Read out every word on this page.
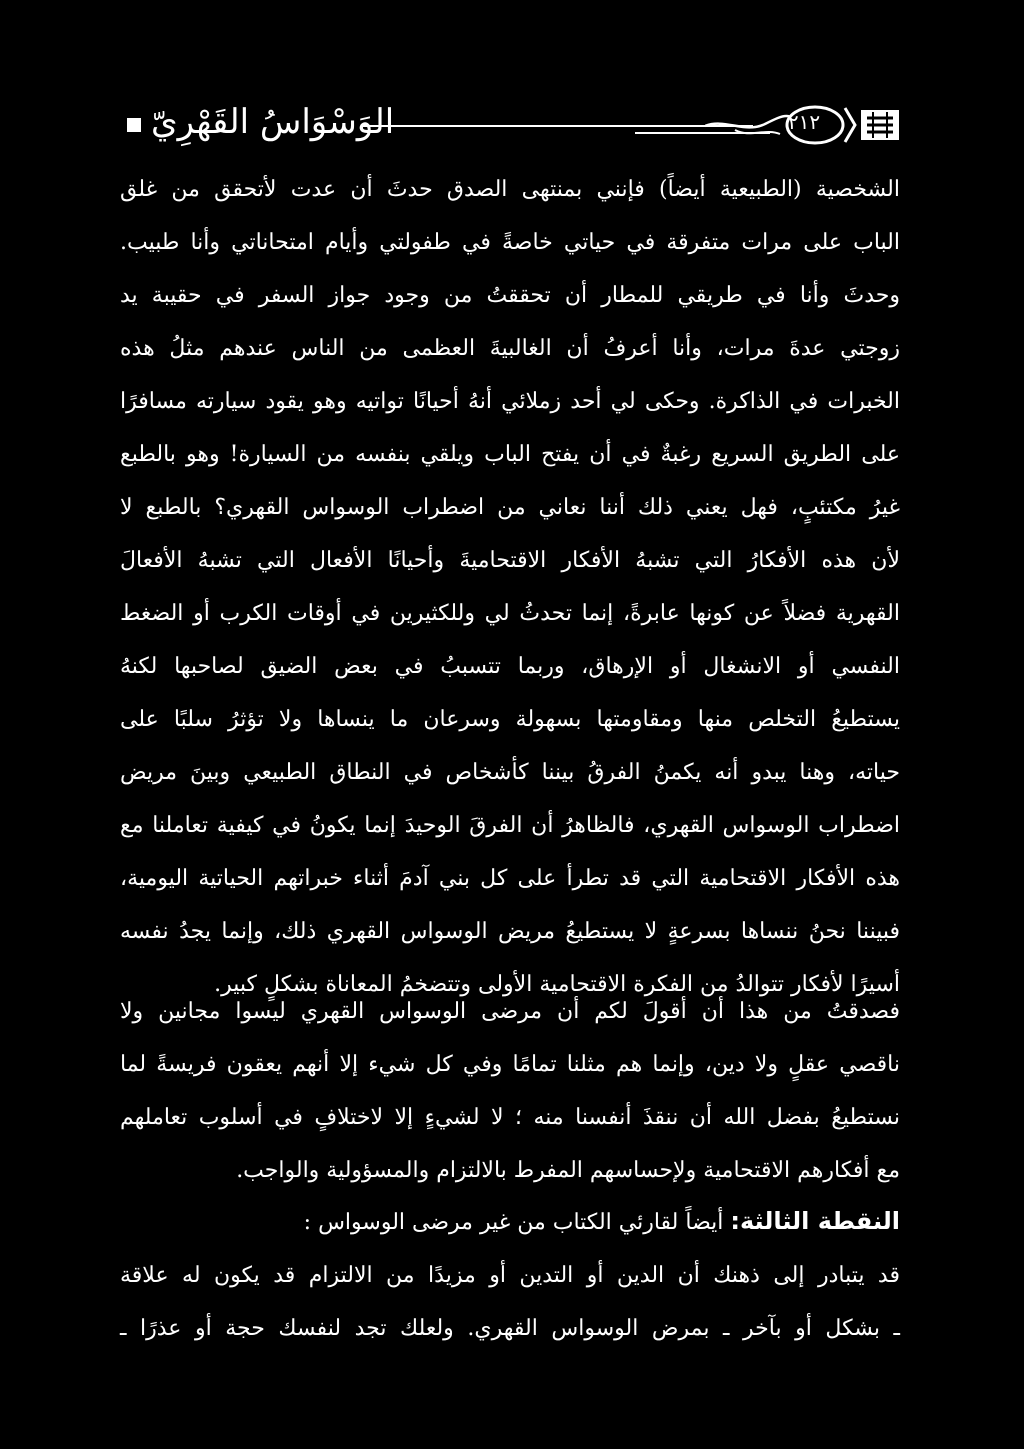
الوَسْوَاسُ القَهْرِيّ	٢١٢
الشخصية (الطبيعية أيضاً) فإنني بمنتهى الصدق حدثَ أن عدت لأتحقق من غلق
الباب على مرات متفرقة في حياتي خاصةً في طفولتي وأيام امتحاناتي وأنا طبيب.
وحدثَ وأنا في طريقي للمطار أن تحققتُ من وجود جواز السفر في حقيبة يد
زوجتي عدةَ مرات، وأنا أعرفُ أن الغالبيةَ العظمى من الناس عندهم مثلُ هذه
الخبرات في الذاكرة. وحكى لي أحد زملائي أنهُ أحيانًا تواتيه وهو يقود سيارته مسافرًا
على الطريق السريع رغبةٌ في أن يفتح الباب ويلقي بنفسه من السيارة! وهو بالطبع
غيرُ مكتئبٍ، فهل يعني ذلك أننا نعاني من اضطراب الوسواس القهري؟ بالطبع لا
لأن هذه الأفكارُ التي تشبهُ الأفكار الاقتحاميةَ وأحيانًا الأفعال التي تشبهُ الأفعالَ
القهرية فضلاً عن كونها عابرةً، إنما تحدثُ لي وللكثيرين في أوقات الكرب أو الضغط
النفسي أو الانشغال أو الإرهاق، وربما تتسببُ في بعض الضيق لصاحبها لكنهُ
يستطيعُ التخلص منها ومقاومتها بسهولة وسرعان ما ينساها ولا تؤثرُ سلبًا على
حياته، وهنا يبدو أنه يكمنُ الفرقُ بيننا كأشخاص في النطاق الطبيعي وبينَ مريض
اضطراب الوسواس القهري، فالظاهرُ أن الفرقَ الوحيدَ إنما يكونُ في كيفية تعاملنا مع
هذه الأفكار الاقتحامية التي قد تطرأ على كل بني آدمَ أثناء خبراتهم الحياتية اليومية،
فبيننا نحنُ ننساها بسرعةٍ لا يستطيعُ مريض الوسواس القهري ذلك، وإنما يجدُ نفسه
أسيرًا لأفكار تتوالدُ من الفكرة الاقتحامية الأولى وتتضخمُ المعاناة بشكلٍ كبير.
فصدقتُ من هذا أن أقولَ لكم أن مرضى الوسواس القهري ليسوا مجانين ولا
ناقصي عقلٍ ولا دين، وإنما هم مثلنا تمامًا وفي كل شيء إلا أنهم يعقون فريسةً لما
نستطيعُ بفضل الله أن ننقذَ أنفسنا منه ؛ لا لشيءٍ إلا لاختلافٍ في أسلوب تعاملهم
مع أفكارهم الاقتحامية ولإحساسهم المفرط بالالتزام والمسؤولية والواجب.
النقطة الثالثة: أيضاً لقارئي الكتاب من غير مرضى الوسواس :
قد يتبادر إلى ذهنك أن الدين أو التدين أو مزيدًا من الالتزام قد يكون له علاقة
ـ بشكل أو بآخر ـ بمرض الوسواس القهري. ولعلك تجد لنفسك حجة أو عذرًا ـ
